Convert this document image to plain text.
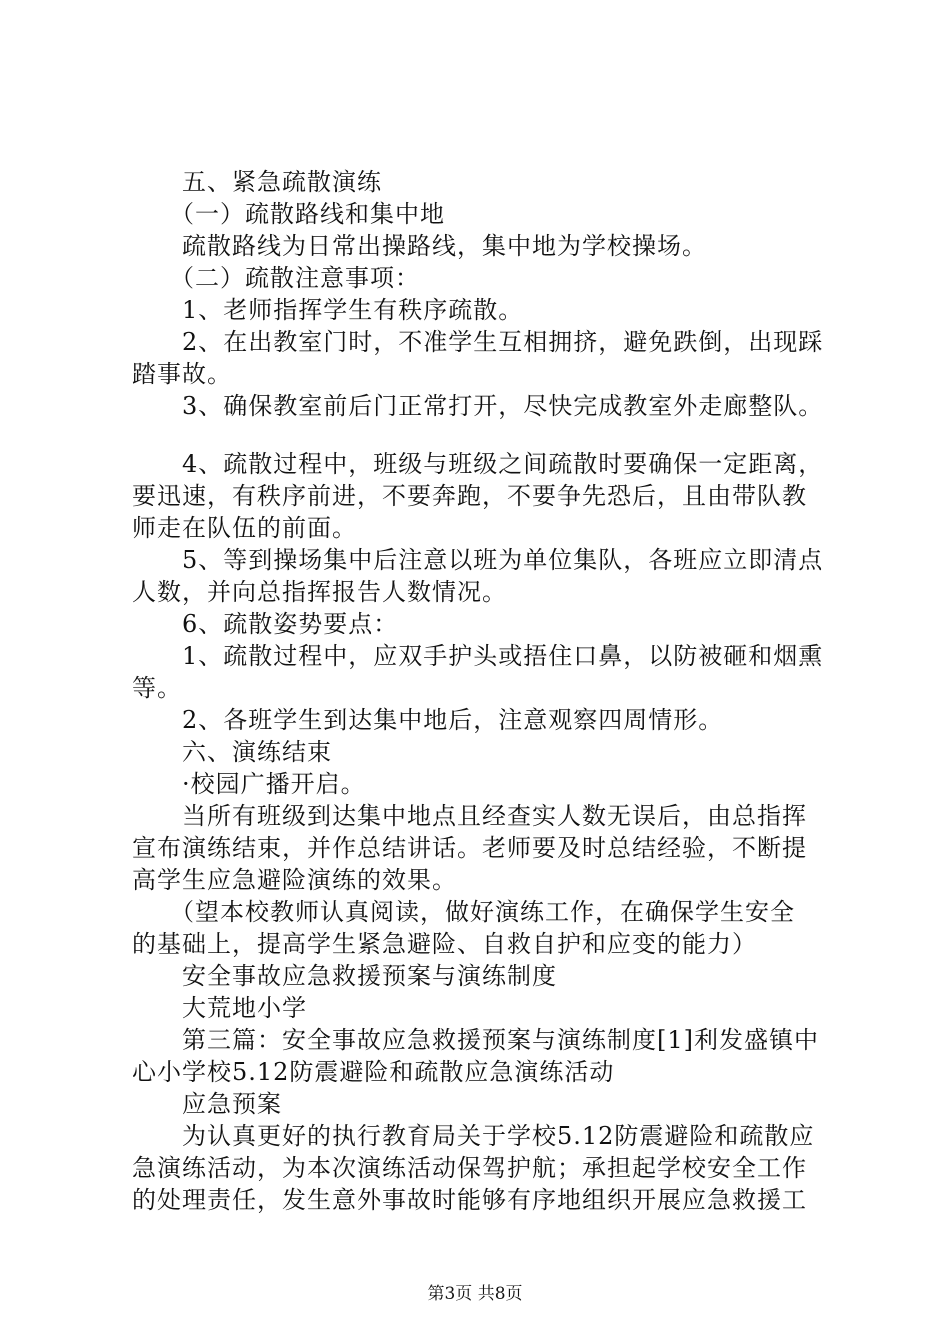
　　五、紧急疏散演练
　　（一）疏散路线和集中地
　　疏散路线为日常出操路线，集中地为学校操场。
　　（二）疏散注意事项：
　　1、老师指挥学生有秩序疏散。
　　2、在出教室门时，不准学生互相拥挤，避免跌倒，出现踩
踏事故。
　　3、确保教室前后门正常打开，尽快完成教室外走廊整队。
　　4、疏散过程中，班级与班级之间疏散时要确保一定距离，
要迅速，有秩序前进，不要奔跑，不要争先恐后，且由带队教
师走在队伍的前面。
　　5、等到操场集中后注意以班为单位集队，各班应立即清点
人数，并向总指挥报告人数情况。
　　6、疏散姿势要点：
　　1、疏散过程中，应双手护头或捂住口鼻，以防被砸和烟熏
等。
　　2、各班学生到达集中地后，注意观察四周情形。
　　六、演练结束
　　·校园广播开启。
　　当所有班级到达集中地点且经查实人数无误后，由总指挥
宣布演练结束，并作总结讲话。老师要及时总结经验，不断提
高学生应急避险演练的效果。
　　（望本校教师认真阅读，做好演练工作，在确保学生安全
的基础上，提高学生紧急避险、自救自护和应变的能力）
　　安全事故应急救援预案与演练制度
　　大荒地小学
　　第三篇：安全事故应急救援预案与演练制度[1]利发盛镇中
心小学校5.12防震避险和疏散应急演练活动
　　应急预案
　　为认真更好的执行教育局关于学校5.12防震避险和疏散应
急演练活动，为本次演练活动保驾护航；承担起学校安全工作
的处理责任，发生意外事故时能够有序地组织开展应急救援工
第3页 共8页
